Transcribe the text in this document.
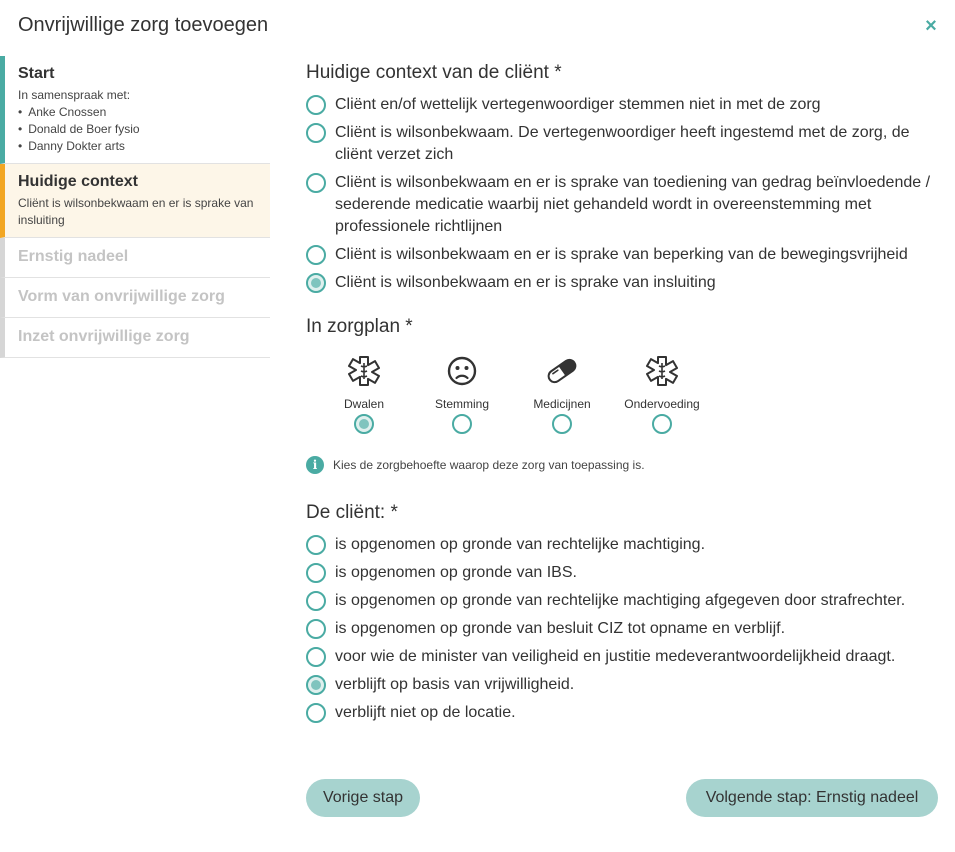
Onvrijwillige zorg toevoegen	×
Start
In samenspraak met:
• Anke Cnossen
• Donald de Boer fysio
• Danny Dokter arts
Huidige context
Cliënt is wilsonbekwaam en er is sprake van insluiting
Ernstig nadeel
Vorm van onvrijwillige zorg
Inzet onvrijwillige zorg
Huidige context van de cliënt *
Cliënt en/of wettelijk vertegenwoordiger stemmen niet in met de zorg
Cliënt is wilsonbekwaam. De vertegenwoordiger heeft ingestemd met de zorg, de cliënt verzet zich
Cliënt is wilsonbekwaam en er is sprake van toediening van gedrag beïnvloedende / sederende medicatie waarbij niet gehandeld wordt in overeenstemming met professionele richtlijnen
Cliënt is wilsonbekwaam en er is sprake van beperking van de bewegingsvrijheid
Cliënt is wilsonbekwaam en er is sprake van insluiting
In zorgplan *
Dwalen	Stemming	Medicijnen	Ondervoeding
i	Kies de zorgbehoefte waarop deze zorg van toepassing is.
De cliënt: *
is opgenomen op gronde van rechtelijke machtiging.
is opgenomen op gronde van IBS.
is opgenomen op gronde van rechtelijke machtiging afgegeven door strafrechter.
is opgenomen op gronde van besluit CIZ tot opname en verblijf.
voor wie de minister van veiligheid en justitie medeverantwoordelijkheid draagt.
verblijft op basis van vrijwilligheid.
verblijft niet op de locatie.
Vorige stap	Volgende stap: Ernstig nadeel
